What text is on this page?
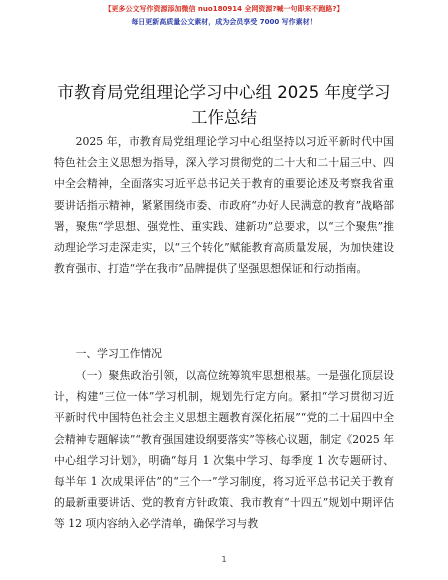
【更多公文写作资源添加微信 nuo180914 全网资源?喊一句即来不跑路?】
每日更新高质量公文素材，成为会员享受 7000 写作素材！
市教育局党组理论学习中心组 2025 年度学习工作总结

2025 年，市教育局党组理论学习中心组坚持以习近平新时代中国特色社会主义思想为指导，深入学习贯彻党的二十大和二十届三中、四中全会精神，全面落实习近平总书记关于教育的重要论述及考察我省重要讲话指示精神，紧紧围绕市委、市政府“办好人民满意的教育”战略部署，聚焦“学思想、强党性、重实践、建新功”总要求，以“三个聚焦”推动理论学习走深走实，以“三个转化”赋能教育高质量发展，为加快建设教育强市、打造“学在我市”品牌提供了坚强思想保证和行动指南。

一、学习工作情况

（一）聚焦政治引领，以高位统筹筑牢思想根基。一是强化顶层设计，构建“三位一体”学习机制，规划先行定方向。紧扣“学习贯彻习近平新时代中国特色社会主义思想主题教育深化拓展”“党的二十届四中全会精神专题解读”“教育强国建设纲要落实”等核心议题，制定《2025 年中心组学习计划》，明确“每月 1 次集中学习、每季度 1 次专题研讨、每半年 1 次成果评估”的“三个一”学习制度，将习近平总书记关于教育的最新重要讲话、党的教育方针政策、我市教育“十四五”规划中期评估等 12 项内容纳入必学清单，确保学习与教

1
